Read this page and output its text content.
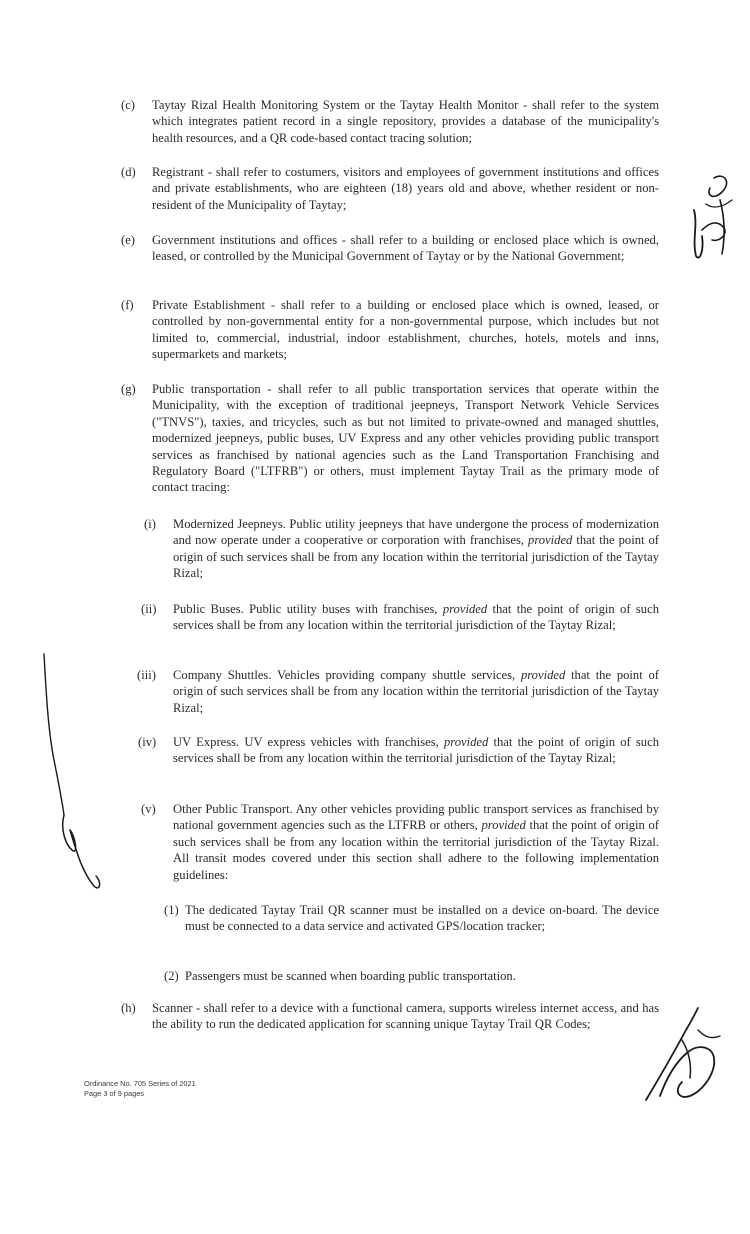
(c) Taytay Rizal Health Monitoring System or the Taytay Health Monitor - shall refer to the system which integrates patient record in a single repository, provides a database of the municipality's health resources, and a QR code-based contact tracing solution;
(d) Registrant - shall refer to costumers, visitors and employees of government institutions and offices and private establishments, who are eighteen (18) years old and above, whether resident or non-resident of the Municipality of Taytay;
(e) Government institutions and offices - shall refer to a building or enclosed place which is owned, leased, or controlled by the Municipal Government of Taytay or by the National Government;
(f) Private Establishment - shall refer to a building or enclosed place which is owned, leased, or controlled by non-governmental entity for a non-governmental purpose, which includes but not limited to, commercial, industrial, indoor establishment, churches, hotels, motels and inns, supermarkets and markets;
(g) Public transportation - shall refer to all public transportation services that operate within the Municipality, with the exception of traditional jeepneys, Transport Network Vehicle Services ("TNVS"), taxies, and tricycles, such as but not limited to private-owned and managed shuttles, modernized jeepneys, public buses, UV Express and any other vehicles providing public transport services as franchised by national agencies such as the Land Transportation Franchising and Regulatory Board ("LTFRB") or others, must implement Taytay Trail as the primary mode of contact tracing:
(i) Modernized Jeepneys. Public utility jeepneys that have undergone the process of modernization and now operate under a cooperative or corporation with franchises, provided that the point of origin of such services shall be from any location within the territorial jurisdiction of the Taytay Rizal;
(ii) Public Buses. Public utility buses with franchises, provided that the point of origin of such services shall be from any location within the territorial jurisdiction of the Taytay Rizal;
(iii) Company Shuttles. Vehicles providing company shuttle services, provided that the point of origin of such services shall be from any location within the territorial jurisdiction of the Taytay Rizal;
(iv) UV Express. UV express vehicles with franchises, provided that the point of origin of such services shall be from any location within the territorial jurisdiction of the Taytay Rizal;
(v) Other Public Transport. Any other vehicles providing public transport services as franchised by national government agencies such as the LTFRB or others, provided that the point of origin of such services shall be from any location within the territorial jurisdiction of the Taytay Rizal. All transit modes covered under this section shall adhere to the following implementation guidelines:
(1) The dedicated Taytay Trail QR scanner must be installed on a device on-board. The device must be connected to a data service and activated GPS/location tracker;
(2) Passengers must be scanned when boarding public transportation.
(h) Scanner - shall refer to a device with a functional camera, supports wireless internet access, and has the ability to run the dedicated application for scanning unique Taytay Trail QR Codes;
Ordinance No. 705 Series of 2021
Page 3 of 9 pages
